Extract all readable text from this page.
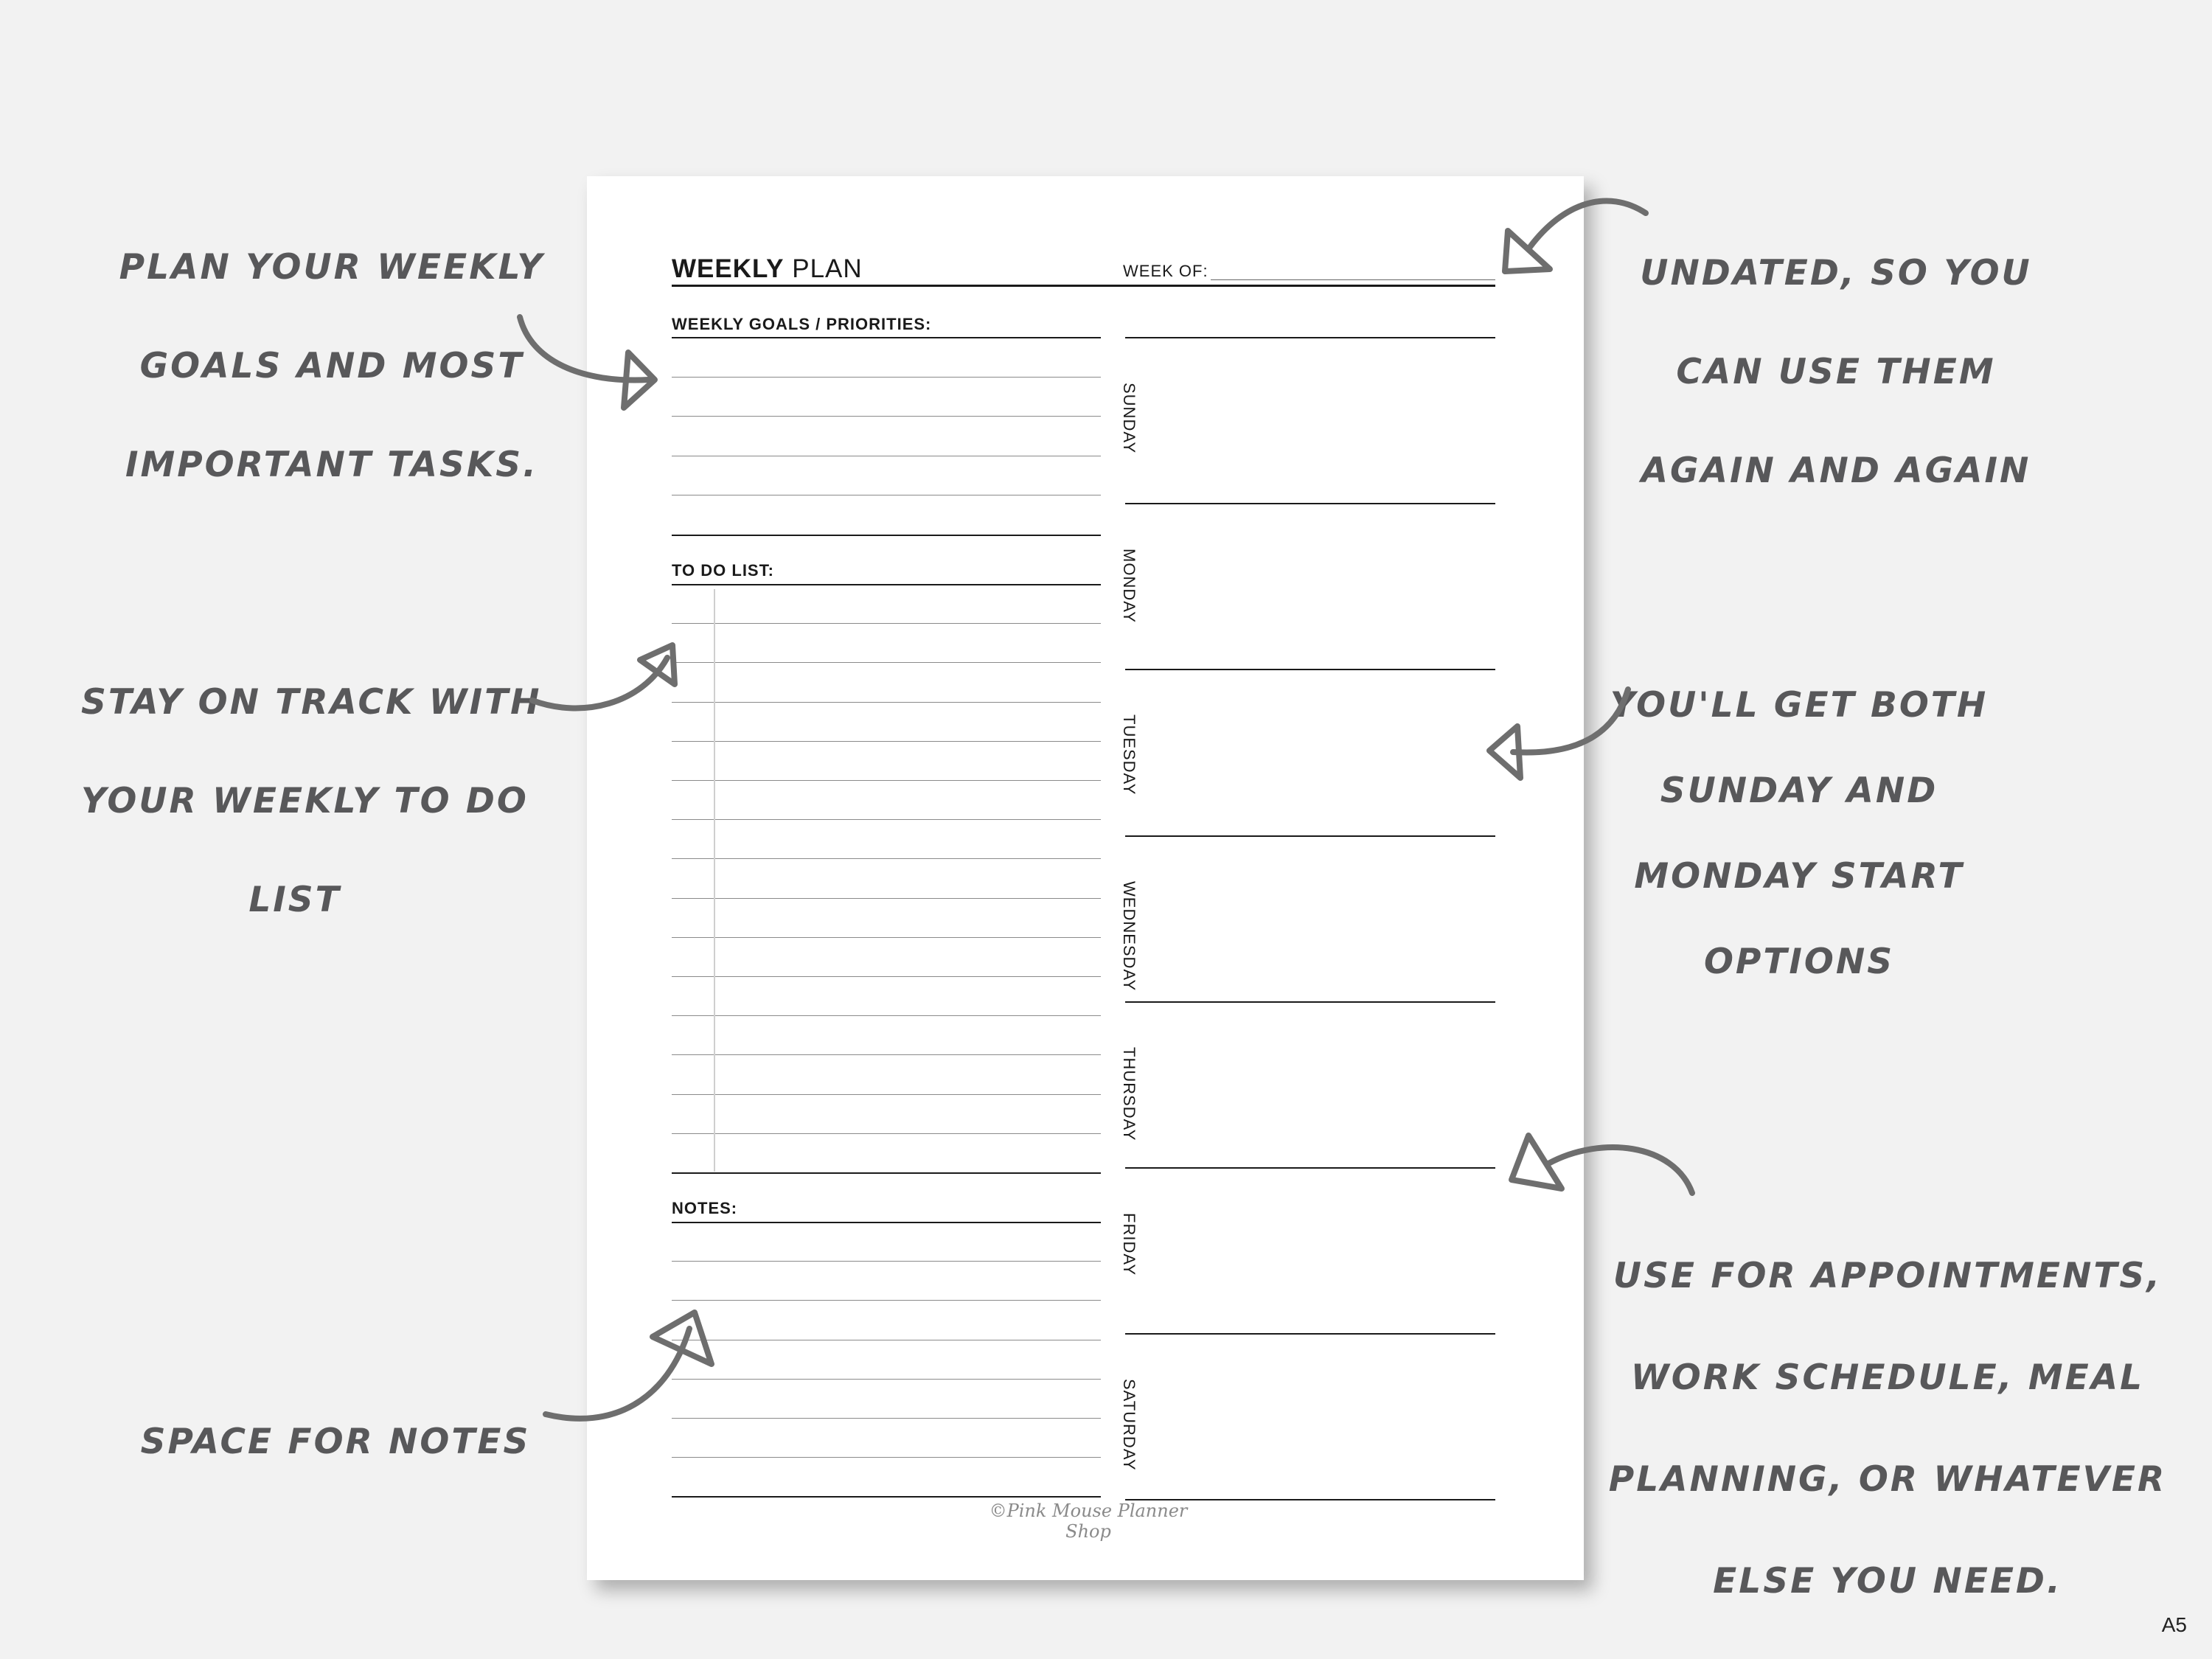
PLAN YOUR WEEKLY

GOALS AND MOST

IMPORTANT TASKS.

STAY ON TRACK WITH

YOUR WEEKLY TO DO

LIST

SPACE FOR NOTES

UNDATED, SO YOU

CAN USE THEM

AGAIN AND AGAIN

YOU'LL GET BOTH

SUNDAY AND

MONDAY START

OPTIONS

USE FOR APPOINTMENTS,

WORK SCHEDULE, MEAL

PLANNING, OR WHATEVER

ELSE YOU NEED.

WEEKLY PLAN	WEEK OF:
WEEKLY GOALS / PRIORITIES:
TO DO LIST:
NOTES:
SUNDAY
MONDAY
TUESDAY
WEDNESDAY
THURSDAY
FRIDAY
SATURDAY
©Pink Mouse Planner Shop
A5
